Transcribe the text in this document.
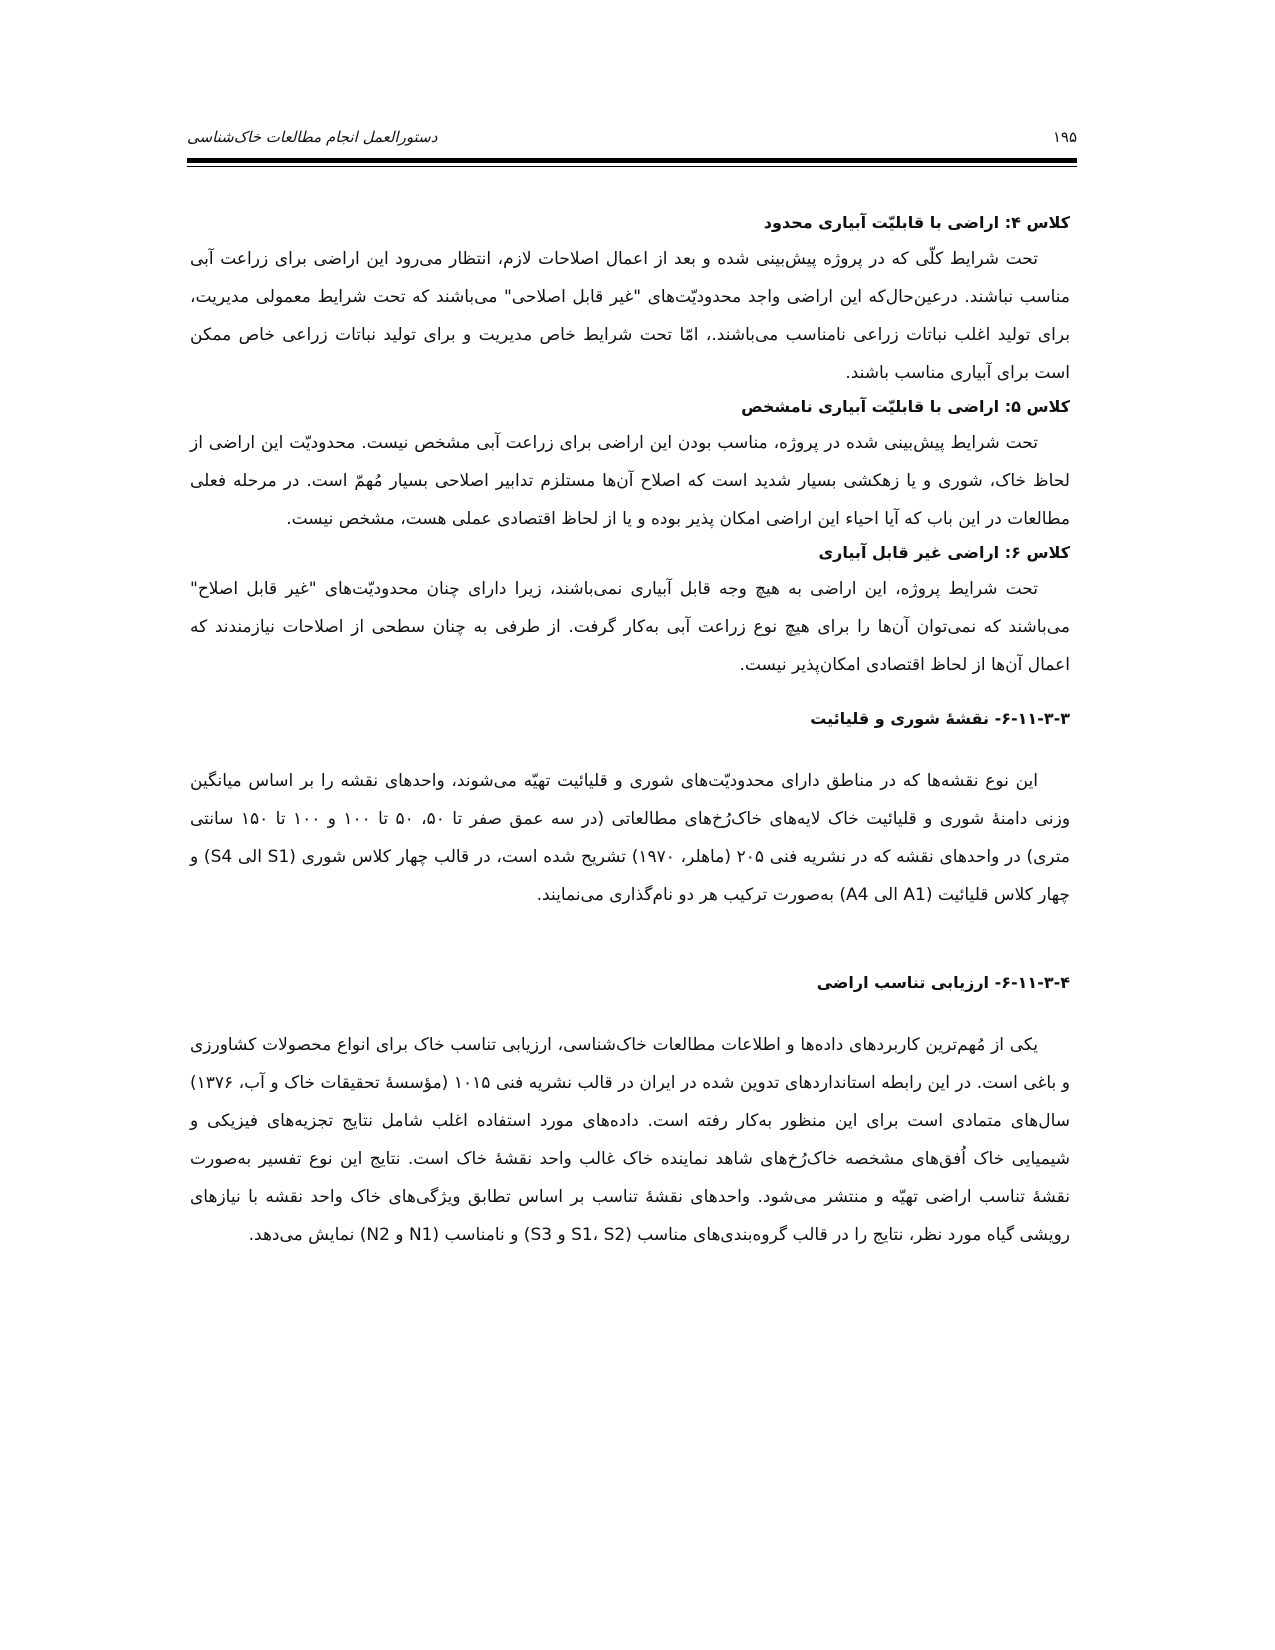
۱۹۵
دستورالعمل انجام مطالعات خاک‌شناسی
کلاس ۴: اراضی با قابلیّت آبیاری محدود

تحت شرایط کلّی که در پروژه پیش‌بینی شده و بعد از اعمال اصلاحات لازم، انتظار می‌رود این اراضی برای زراعت آبی مناسب نباشند. درعین‌حال‌که این اراضی واجد محدودیّت‌های "غیر قابل اصلاحی" می‌باشند که تحت شرایط معمولی مدیریت، برای تولید اغلب نباتات زراعی نامناسب می‌باشند.، امّا تحت شرایط خاص مدیریت و برای تولید نباتات زراعی خاص ممکن است برای آبیاری مناسب باشند.

کلاس ۵: اراضی با قابلیّت آبیاری نامشخص

تحت شرایط پیش‌بینی شده در پروژه، مناسب بودن این اراضی برای زراعت آبی مشخص نیست. محدودیّت این اراضی از لحاظ خاک، شوری و یا زهکشی بسیار شدید است که اصلاح آن‌ها مستلزم تدابیر اصلاحی بسیار مُهمّ است. در مرحله فعلی مطالعات در این باب که آیا احیاء این اراضی امکان پذیر بوده و یا از لحاظ اقتصادی عملی هست، مشخص نیست.

کلاس ۶: اراضی غیر قابل آبیاری

تحت شرایط پروژه، این اراضی به هیچ وجه قابل آبیاری نمی‌باشند، زیرا دارای چنان محدودیّت‌های "غیر قابل اصلاح" می‌باشند که نمی‌توان آن‌ها را برای هیچ نوع زراعت آبی به‌کار گرفت. از طرفی به چنان سطحی از اصلاحات نیازمندند که اعمال آن‌ها از لحاظ اقتصادی امکان‌پذیر نیست.

۶-۱۱-۳-۳- نقشهٔ شوری و قلیائیت

این نوع نقشه‌ها که در مناطق دارای محدودیّت‌های شوری و قلیائیت تهیّه می‌شوند، واحدهای نقشه را بر اساس میانگین وزنی دامنهٔ شوری و قلیائیت خاک لایه‌های خاک‌رُخ‌های مطالعاتی (در سه عمق صفر تا ۵۰، ۵۰ تا ۱۰۰ و ۱۰۰ تا ۱۵۰ سانتی متری) در واحدهای نقشه که در نشریه فنی ۲۰۵ (ماهلر، ۱۹۷۰) تشریح شده است، در قالب چهار کلاس شوری (S1 الی S4) و چهار کلاس قلیائیت (A1 الی A4) به‌صورت ترکیب هر دو نام‌گذاری می‌نمایند.

۶-۱۱-۳-۴- ارزیابی تناسب اراضی

یکی از مُهم‌ترین کاربردهای داده‌ها و اطلاعات مطالعات خاک‌شناسی، ارزیابی تناسب خاک برای انواع محصولات کشاورزی و باغی است. در این رابطه استانداردهای تدوین شده در ایران در قالب نشریه فنی ۱۰۱۵ (مؤسسهٔ تحقیقات خاک و آب، ۱۳۷۶) سال‌های متمادی است برای این منظور به‌کار رفته است. داده‌های مورد استفاده اغلب شامل نتایج تجزیه‌های فیزیکی و شیمیایی خاک اُفق‌های مشخصه خاک‌رُخ‌های شاهد نماینده خاک غالب واحد نقشهٔ خاک است. نتایج این نوع تفسیر به‌صورت نقشهٔ تناسب اراضی تهیّه و منتشر می‌شود. واحدهای نقشهٔ تناسب بر اساس تطابق ویژگی‌های خاک واحد نقشه با نیازهای رویشی گیاه مورد نظر، نتایج را در قالب گروه‌بندی‌های مناسب (S1، S2 و S3) و نامناسب (N1 و N2) نمایش می‌دهد.
